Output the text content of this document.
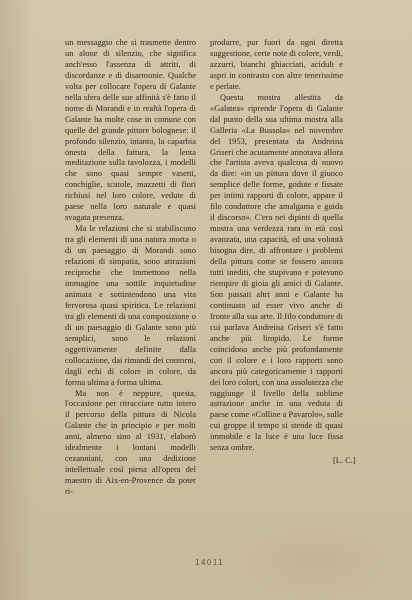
un messaggio che si trasmette dentro un alone di silenzio, che significa anch'esso l'assenza di attriti, di discordanze e di disarmonie. Qualche volta per collocare l'opera di Galante nella sfera delle sue affinità s'è fatto il nome di Morandi e in realtà l'opera di Galante ha molte cose in comune con quelle del grande pittore bolognese: il profondo silenzio, intanto, la caparbia onesta della fattura, la lenta meditazione sulla tavolozza, i modelli che sono quasi sempre vasetti, conchiglie, scatole, mazzetti di fiori richiusi nel loro colore, vedute di paese nella loro naturale e quasi svagata presenza.

Ma le relazioni che si stabiliscono tra gli elementi di una natura morta o di un paesaggio di Morandi sono relazioni di simpatia, sono attrazioni reciproche che immettono nella immagine una sottile inquietudine animata e sottintendono una vita fervorosa quasi spiritica. Le relazioni tra gli elementi di una composizione o di un paesaggio di Galante sono più semplici, sono le relazioni oggettivamente definite dalla collocazione, dai rimandi dei contorni, dagli echi di colore in colore, da forma ultima a forma ultima.

Ma non è neppure, questa, l'occasione per ritracciare tutto intero il percorso della pittura di Nicola Galante che in principio e per molti anni, almeno sino al 1931, elaborò idealmente i lontani modelli cezanniani, con una dedizione intellettuale così piena all'opera del maestro di Aix-en-Provence da poter ri-

produrre, pur fuori da ogni diretta suggestione, certe note di colore, verdi, azzurri, bianchi ghiacciati, aciduli e aspri in contrasto con altre tenerissime e perlate.

Questa mostra allestita da «Galatea» riprende l'opera di Galante dal punto della sua ultima mostra alla Galleria «La Bussola» nel novembre del 1953, presentata da Andreina Griseri che acutamente annotava allora che l'artista aveva qualcosa di nuovo da dire: «in un pittura dove il giuoco semplice delle forme, godute e fissate per intimi rapporti di colore, appare il filo conduttore che amalgama e guida il discorso». C'era nei dipinti di quella mostra una verdezza rara in età così avanzata, una capacità, ed una volontà bisogna dire, di affrontare i problemi della pittura come se fossero ancora tutti inediti, che stupivano e potevano riempire di gioia gli amici di Galante. Son passati altri anni e Galante ha continuato ad esser vivo anche di fronte alla sua arte. Il filo conduttore di cui parlava Andreina Griseri s'è fatto anche più limpido. Le forme coincidono anche più profondamente con il colore e i loro rapporti sono ancora più categoricamente i rapporti dei loro colori, con una assolutezza che raggiunge il livello della sublime astrazione anche in una veduta di paese come «Colline a Pavarolo», sulle cui groppe il tempo si stende di quasi immobile e la luce è una luce fissa senza ombre.

[L. C.]
14011
